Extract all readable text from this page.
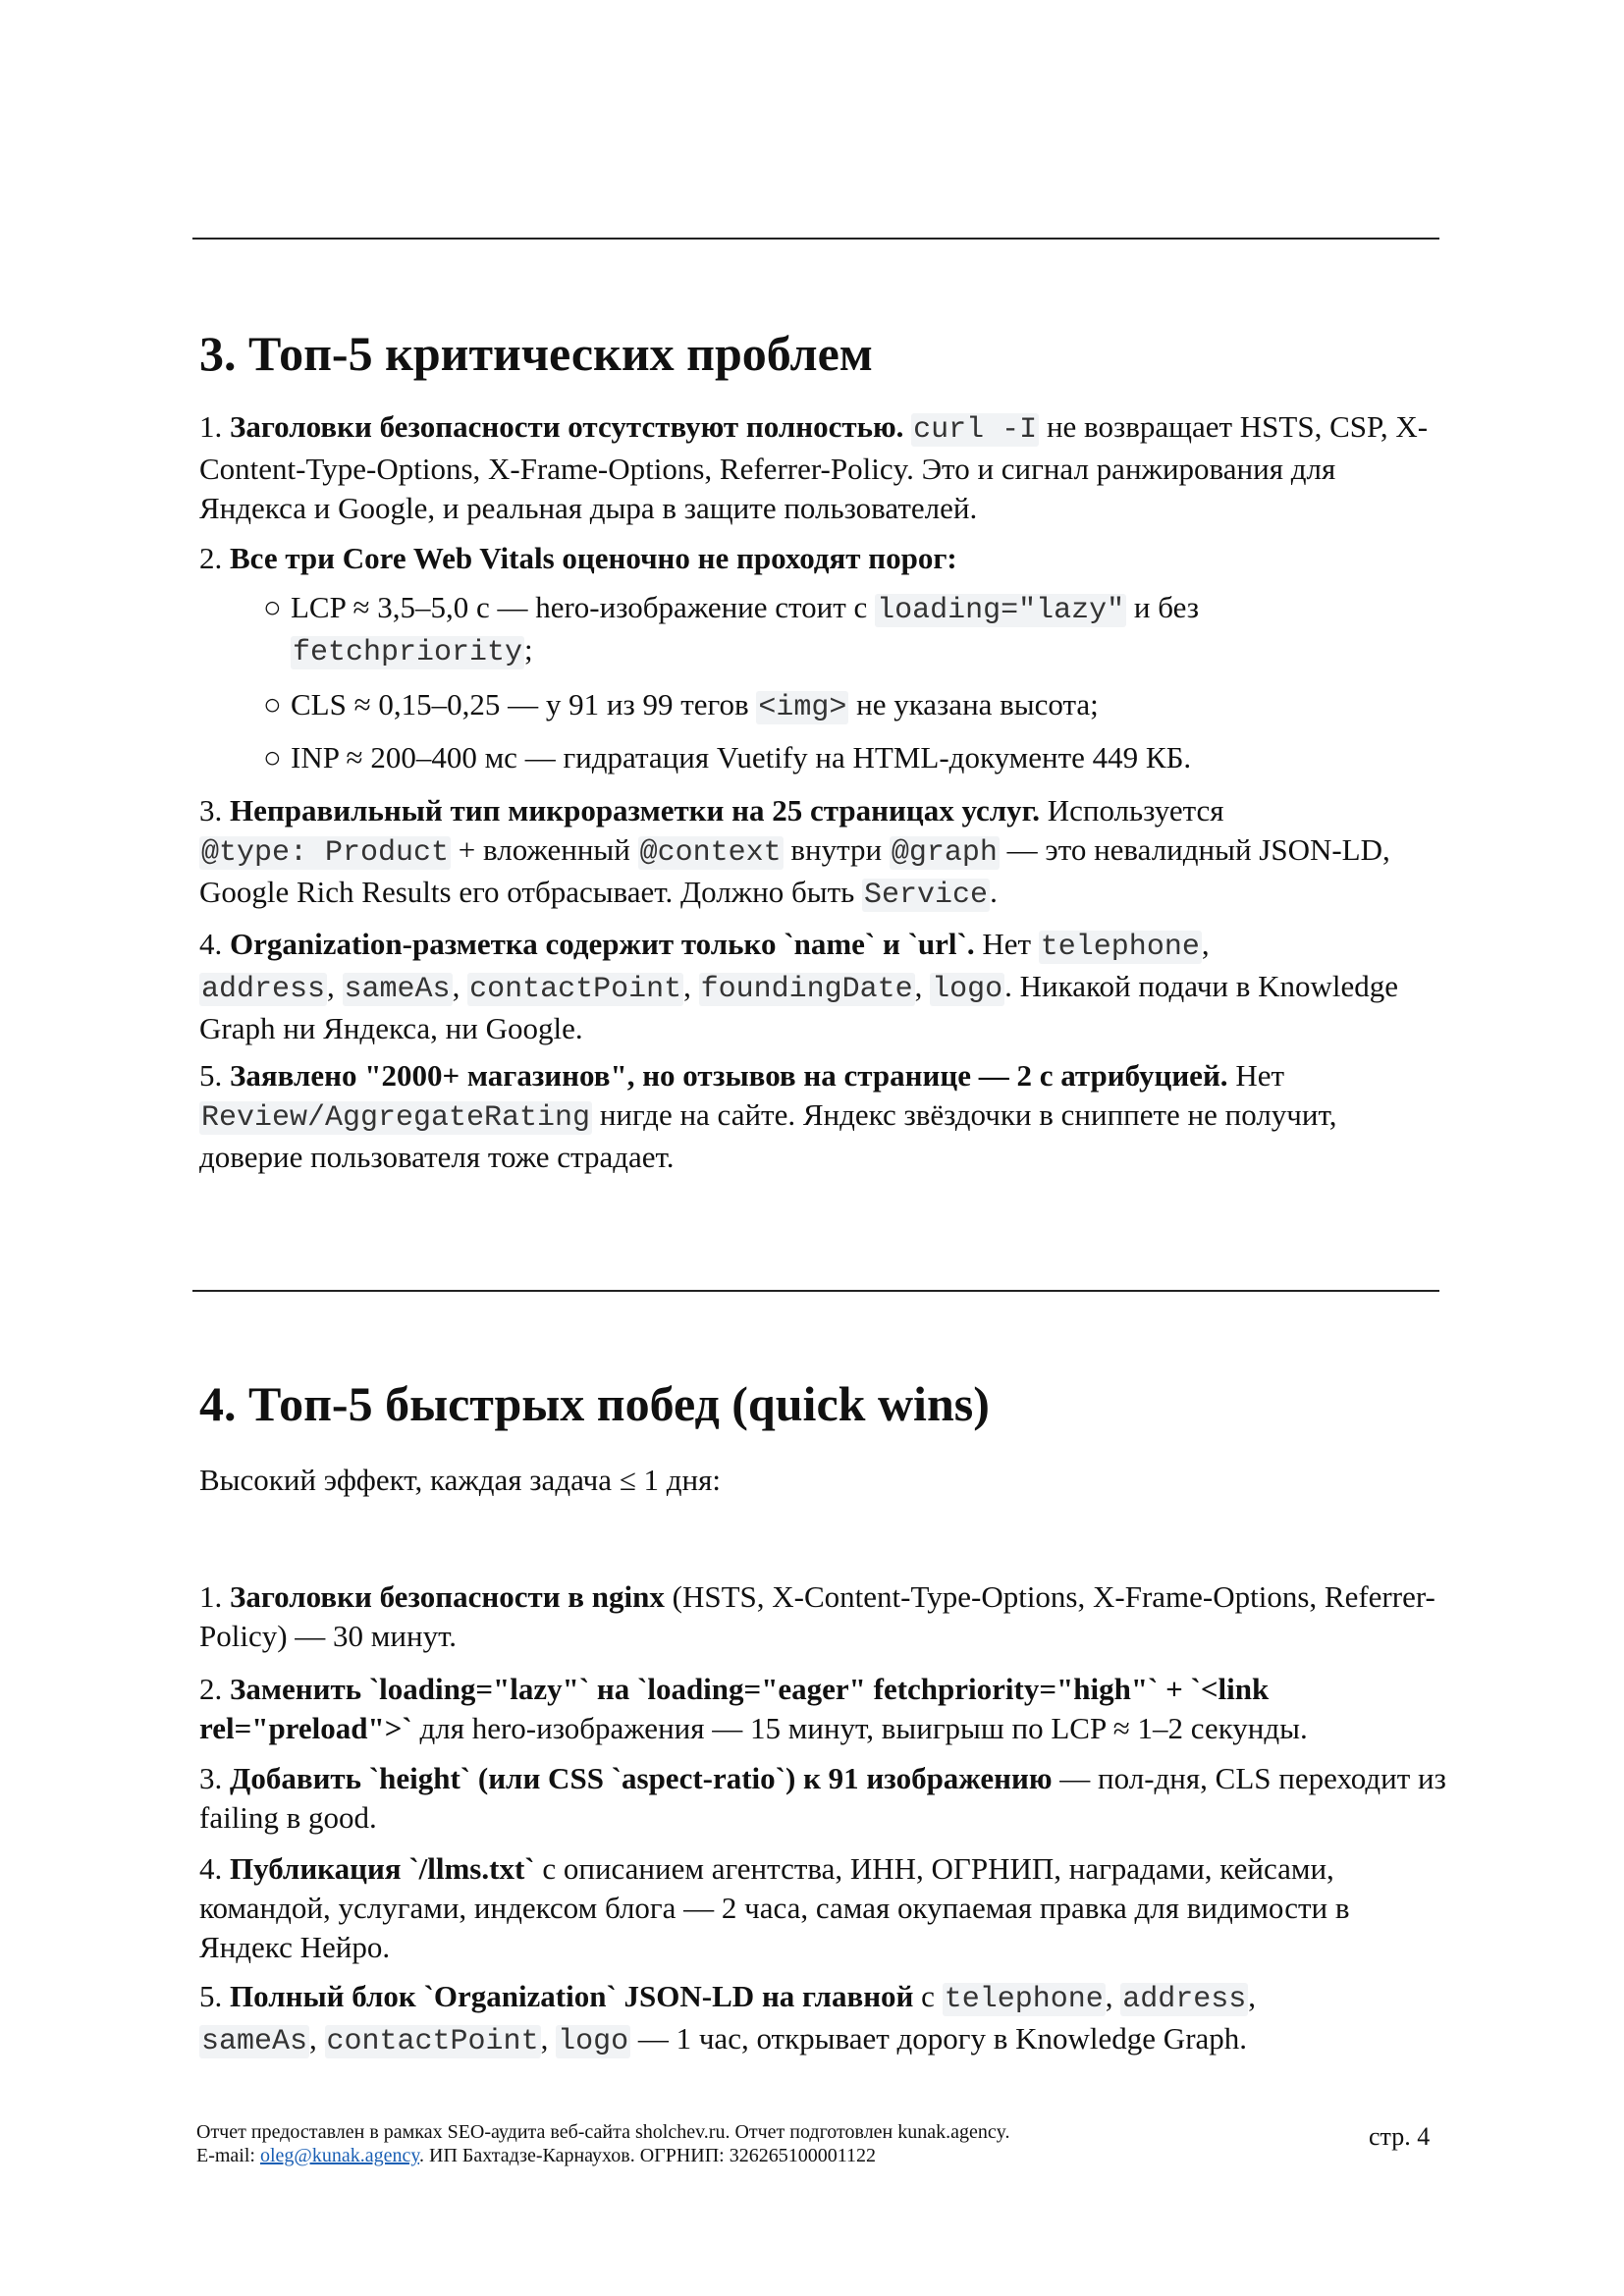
3. Топ-5 критических проблем

1. Заголовки безопасности отсутствуют полностью. curl -I не возвращает HSTS, CSP, X-Content-Type-Options, X-Frame-Options, Referrer-Policy. Это и сигнал ранжирования для Яндекса и Google, и реальная дыра в защите пользователей.

2. Все три Core Web Vitals оценочно не проходят порог:

○ LCP ≈ 3,5–5,0 с — hero-изображение стоит с loading="lazy" и без
fetchpriority;

○ CLS ≈ 0,15–0,25 — у 91 из 99 тегов <img> не указана высота;

○ INP ≈ 200–400 мс — гидратация Vuetify на HTML-документе 449 КБ.

3. Неправильный тип микроразметки на 25 страницах услуг. Используется
@type: Product + вложенный @context внутри @graph — это невалидный JSON-LD, Google Rich Results его отбрасывает. Должно быть Service.

4. Organization-разметка содержит только `name` и `url`. Нет telephone,
address, sameAs, contactPoint, foundingDate, logo. Никакой подачи в Knowledge Graph ни Яндекса, ни Google.

5. Заявлено "2000+ магазинов", но отзывов на странице — 2 с атрибуцией. Нет
Review/AggregateRating нигде на сайте. Яндекс звёздочки в сниппете не получит, доверие пользователя тоже страдает.

4. Топ-5 быстрых побед (quick wins)

Высокий эффект, каждая задача ≤ 1 дня:

1. Заголовки безопасности в nginx (HSTS, X-Content-Type-Options, X-Frame-Options, Referrer-Policy) — 30 минут.

2. Заменить `loading="lazy"` на `loading="eager" fetchpriority="high"` + `<link rel="preload">` для hero-изображения — 15 минут, выигрыш по LCP ≈ 1–2 секунды.

3. Добавить `height` (или CSS `aspect-ratio`) к 91 изображению — пол-дня, CLS переходит из failing в good.

4. Публикация `/llms.txt` с описанием агентства, ИНН, ОГРНИП, наградами, кейсами, командой, услугами, индексом блога — 2 часа, самая окупаемая правка для видимости в Яндекс Нейро.

5. Полный блок `Organization` JSON-LD на главной с telephone, address,
sameAs, contactPoint, logo — 1 час, открывает дорогу в Knowledge Graph.

Отчет предоставлен в рамках SEO-аудита веб-сайта sholchev.ru. Отчет подготовлен kunak.agency.
E-mail: oleg@kunak.agency. ИП Бахтадзе-Карнаухов. ОГРНИП: 326265100001122
стр. 4
